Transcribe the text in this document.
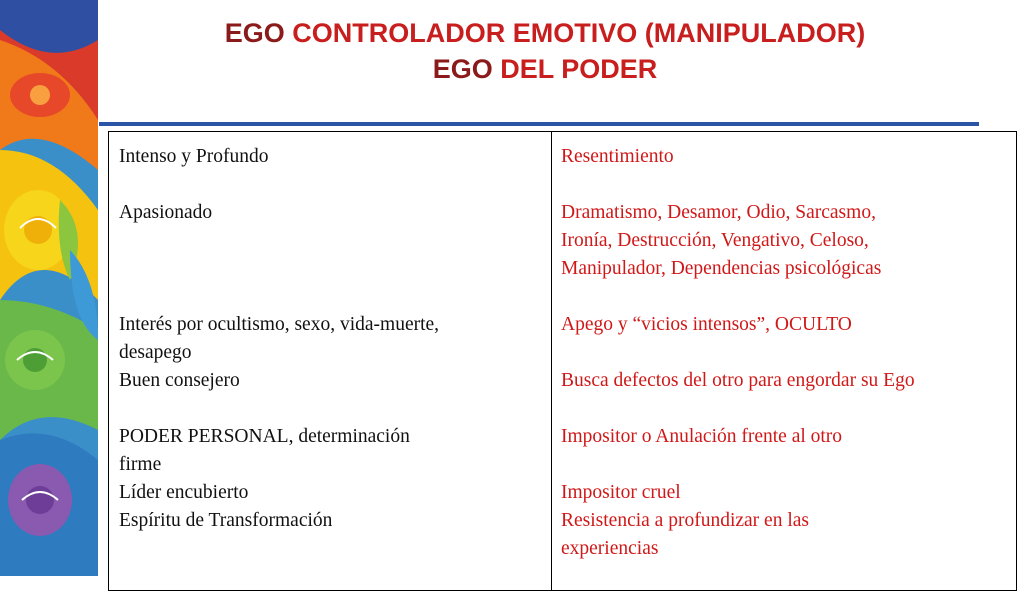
EGO CONTROLADOR EMOTIVO (MANIPULADOR)
EGO DEL PODER
Intenso y Profundo
Apasionado
Interés por ocultismo, sexo, vida-muerte,
desapego
Buen consejero
PODER PERSONAL, determinación
firme
Líder encubierto
Espíritu de Transformación
Resentimiento
Dramatismo, Desamor, Odio, Sarcasmo,
Ironía, Destrucción, Vengativo, Celoso,
Manipulador, Dependencias psicológicas
Apego y “vicios intensos”, OCULTO
Busca defectos del otro para engordar su Ego
Impositor o Anulación frente al otro
Impositor cruel
Resistencia a profundizar en las
experiencias
